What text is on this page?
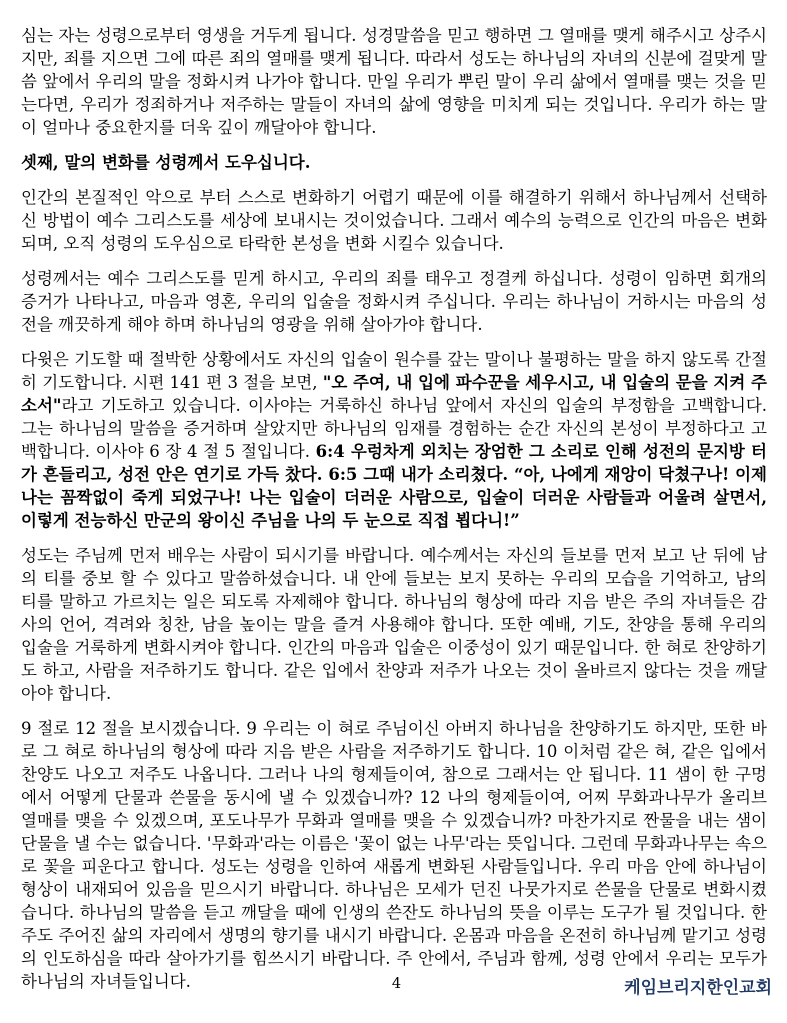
심는 자는 성령으로부터 영생을 거두게 됩니다. 성경말씀을 믿고 행하면 그 열매를 맺게 해주시고 상주시지만, 죄를 지으면 그에 따른 죄의 열매를 맺게 됩니다. 따라서 성도는 하나님의 자녀의 신분에 걸맞게 말씀 앞에서 우리의 말을 정화시켜 나가야 합니다. 만일 우리가 뿌린 말이 우리 삶에서 열매를 맺는 것을 믿는다면, 우리가 정죄하거나 저주하는 말들이 자녀의 삶에 영향을 미치게 되는 것입니다. 우리가 하는 말이 얼마나 중요한지를 더욱 깊이 깨달아야 합니다.

셋째, 말의 변화를 성령께서 도우십니다.

인간의 본질적인 악으로 부터 스스로 변화하기 어렵기 때문에 이를 해결하기 위해서 하나님께서 선택하신 방법이 예수 그리스도를 세상에 보내시는 것이었습니다. 그래서 예수의 능력으로 인간의 마음은 변화되며, 오직 성령의 도우심으로 타락한 본성을 변화 시킬수 있습니다.

성령께서는 예수 그리스도를 믿게 하시고, 우리의 죄를 태우고 정결케 하십니다. 성령이 임하면 회개의 증거가 나타나고, 마음과 영혼, 우리의 입술을 정화시켜 주십니다. 우리는 하나님이 거하시는 마음의 성전을 깨끗하게 해야 하며 하나님의 영광을 위해 살아가야 합니다.

다윗은 기도할 때 절박한 상황에서도 자신의 입술이 원수를 갚는 말이나 불평하는 말을 하지 않도록 간절히 기도합니다. 시편 141 편 3 절을 보면, "오 주여, 내 입에 파수꾼을 세우시고, 내 입술의 문을 지켜 주소서"라고 기도하고 있습니다. 이사야는 거룩하신 하나님 앞에서 자신의 입술의 부정함을 고백합니다. 그는 하나님의 말씀을 증거하며 살았지만 하나님의 임재를 경험하는 순간 자신의 본성이 부정하다고 고백합니다. 이사야 6 장 4 절 5 절입니다. 6:4 우렁차게 외치는 장엄한 그 소리로 인해 성전의 문지방 터가 흔들리고, 성전 안은 연기로 가득 찼다. 6:5 그때 내가 소리쳤다. “아, 나에게 재앙이 닥쳤구나! 이제 나는 꼼짝없이 죽게 되었구나! 나는 입술이 더러운 사람으로, 입술이 더러운 사람들과 어울려 살면서, 이렇게 전능하신 만군의 왕이신 주님을 나의 두 눈으로 직접 뵙다니!”

성도는 주님께 먼저 배우는 사람이 되시기를 바랍니다. 예수께서는 자신의 들보를 먼저 보고 난 뒤에 남의 티를 중보 할 수 있다고 말씀하셨습니다. 내 안에 들보는 보지 못하는 우리의 모습을 기억하고, 남의 티를 말하고 가르치는 일은 되도록 자제해야 합니다. 하나님의 형상에 따라 지음 받은 주의 자녀들은 감사의 언어, 격려와 칭찬, 남을 높이는 말을 즐겨 사용해야 합니다. 또한 예배, 기도, 찬양을 통해 우리의 입술을 거룩하게 변화시켜야 합니다. 인간의 마음과 입술은 이중성이 있기 때문입니다. 한 혀로 찬양하기도 하고, 사람을 저주하기도 합니다. 같은 입에서 찬양과 저주가 나오는 것이 올바르지 않다는 것을 깨달아야 합니다.

9 절로 12 절을 보시겠습니다. 9 우리는 이 혀로 주님이신 아버지 하나님을 찬양하기도 하지만, 또한 바로 그 혀로 하나님의 형상에 따라 지음 받은 사람을 저주하기도 합니다. 10 이처럼 같은 혀, 같은 입에서 찬양도 나오고 저주도 나옵니다. 그러나 나의 형제들이여, 참으로 그래서는 안 됩니다. 11 샘이 한 구멍에서 어떻게 단물과 쓴물을 동시에 낼 수 있겠습니까? 12 나의 형제들이여, 어찌 무화과나무가 올리브 열매를 맺을 수 있겠으며, 포도나무가 무화과 열매를 맺을 수 있겠습니까? 마찬가지로 짠물을 내는 샘이 단물을 낼 수는 없습니다. '무화과'라는 이름은 '꽃이 없는 나무'라는 뜻입니다. 그런데 무화과나무는 속으로 꽃을 피운다고 합니다. 성도는 성령을 인하여 새롭게 변화된 사람들입니다. 우리 마음 안에 하나님이 형상이 내재되어 있음을 믿으시기 바랍니다. 하나님은 모세가 던진 나뭇가지로 쓴물을 단물로 변화시켰습니다. 하나님의 말씀을 듣고 깨달을 때에 인생의 쓴잔도 하나님의 뜻을 이루는 도구가 될 것입니다. 한주도 주어진 삶의 자리에서 생명의 향기를 내시기 바랍니다. 온몸과 마음을 온전히 하나님께 맡기고 성령의 인도하심을 따라 살아가기를 힘쓰시기 바랍니다. 주 안에서, 주님과 함께, 성령 안에서 우리는 모두가 하나님의 자녀들입니다.	4	케임브리지한인교회
